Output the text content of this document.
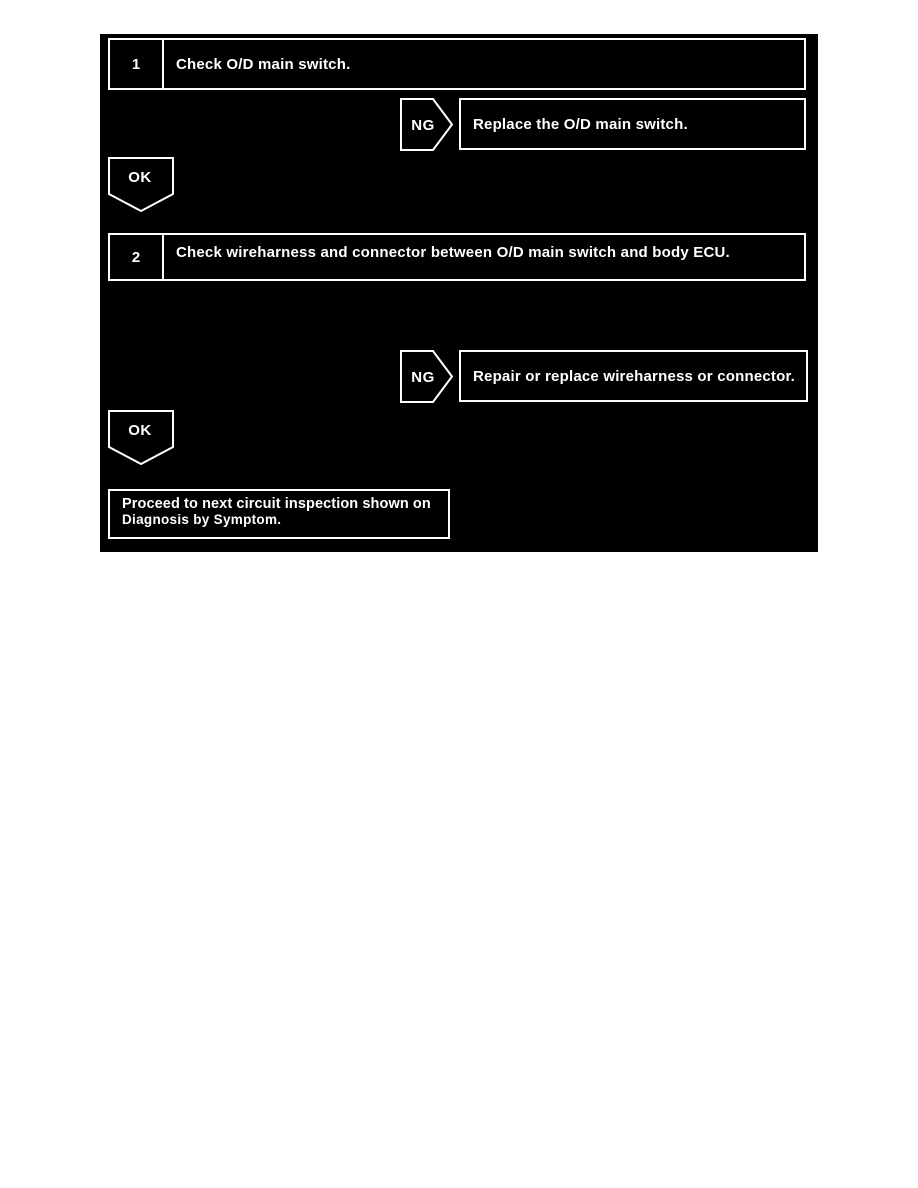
1	Check O/D main switch.
NG	Replace the O/D main switch.
OK
2	Check wireharness and connector between O/D main switch and body ECU.
NG	Repair or replace wireharness or connector.
OK
Proceed to next circuit inspection shown on
Diagnosis by Symptom.
